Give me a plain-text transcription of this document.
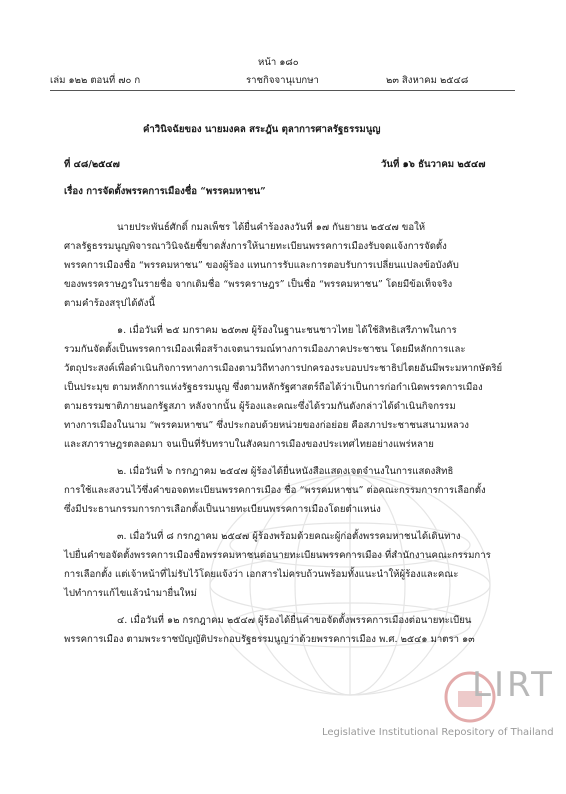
หน้า ๑๘๐
เล่ม ๑๒๒ ตอนที่ ๗๐ ก	ราชกิจจานุเบกษา	๒๓ สิงหาคม ๒๕๔๘
คำวินิจฉัยของ นายมงคล สระฎัน ตุลาการศาลรัฐธรรมนูญ
ที่ ๔๘/๒๕๔๗	วันที่ ๑๖ ธันวาคม ๒๕๔๗
เรื่อง การจัดตั้งพรรคการเมืองชื่อ “พรรคมหาชน”
นายประพันธ์ศักดิ์ กมลเพ็ชร ได้ยื่นคำร้องลงวันที่ ๑๗ กันยายน ๒๕๔๗ ขอให้
ศาลรัฐธรรมนูญพิจารณาวินิจฉัยชี้ขาดสั่งการให้นายทะเบียนพรรคการเมืองรับจดแจ้งการจัดตั้ง
พรรคการเมืองชื่อ “พรรคมหาชน” ของผู้ร้อง แทนการรับและการตอบรับการเปลี่ยนแปลงข้อบังคับ
ของพรรคราษฎรในรายชื่อ จากเดิมชื่อ “พรรคราษฎร” เป็นชื่อ “พรรคมหาชน” โดยมีข้อเท็จจริง
ตามคำร้องสรุปได้ดังนี้
๑. เมื่อวันที่ ๒๕ มกราคม ๒๕๓๗ ผู้ร้องในฐานะชนชาวไทย ได้ใช้สิทธิเสรีภาพในการ
รวมกันจัดตั้งเป็นพรรคการเมืองเพื่อสร้างเจตนารมณ์ทางการเมืองภาคประชาชน โดยมีหลักการและ
วัตถุประสงค์เพื่อดำเนินกิจการทางการเมืองตามวิถีทางการปกครองระบอบประชาธิปไตยอันมีพระมหากษัตริย์
เป็นประมุข ตามหลักการแห่งรัฐธรรมนูญ ซึ่งตามหลักรัฐศาสตร์ถือได้ว่าเป็นการก่อกำเนิดพรรคการเมือง
ตามธรรมชาติภายนอกรัฐสภา หลังจากนั้น ผู้ร้องและคณะซึ่งได้รวมกันดังกล่าวได้ดำเนินกิจกรรม
ทางการเมืองในนาม “พรรคมหาชน” ซึ่งประกอบด้วยหน่วยของก่อย่อย คือสภาประชาชนสนามหลวง
และสภาราษฎรตลอดมา จนเป็นที่รับทราบในสังคมการเมืองของประเทศไทยอย่างแพร่หลาย
๒. เมื่อวันที่ ๖ กรกฎาคม ๒๕๔๗ ผู้ร้องได้ยื่นหนังสือแสดงเจตจำนงในการแสดงสิทธิ
การใช้และสงวนไว้ซึ่งคำขอจดทะเบียนพรรคการเมือง ชื่อ “พรรคมหาชน” ต่อคณะกรรมการการเลือกตั้ง
ซึ่งมีประธานกรรมการการเลือกตั้งเป็นนายทะเบียนพรรคการเมืองโดยตำแหน่ง
๓. เมื่อวันที่ ๘ กรกฎาคม ๒๕๔๗ ผู้ร้องพร้อมด้วยคณะผู้ก่อตั้งพรรคมหาชนได้เดินทาง
ไปยื่นคำขอจัดตั้งพรรคการเมืองชื่อพรรคมหาชนต่อนายทะเบียนพรรคการเมือง ที่สำนักงานคณะกรรมการ
การเลือกตั้ง แต่เจ้าหน้าที่ไม่รับไว้โดยแจ้งว่า เอกสารไม่ครบถ้วนพร้อมทั้งแนะนำให้ผู้ร้องและคณะ
ไปทำการแก้ไขแล้วนำมายื่นใหม่
๔. เมื่อวันที่ ๑๒ กรกฎาคม ๒๕๔๗ ผู้ร้องได้ยื่นคำขอจัดตั้งพรรคการเมืองต่อนายทะเบียน
พรรคการเมือง ตามพระราชบัญญัติประกอบรัฐธรรมนูญว่าด้วยพรรคการเมือง พ.ศ. ๒๕๔๑ มาตรา ๑๓
LIRT
Legislative Institutional Repository of Thailand
